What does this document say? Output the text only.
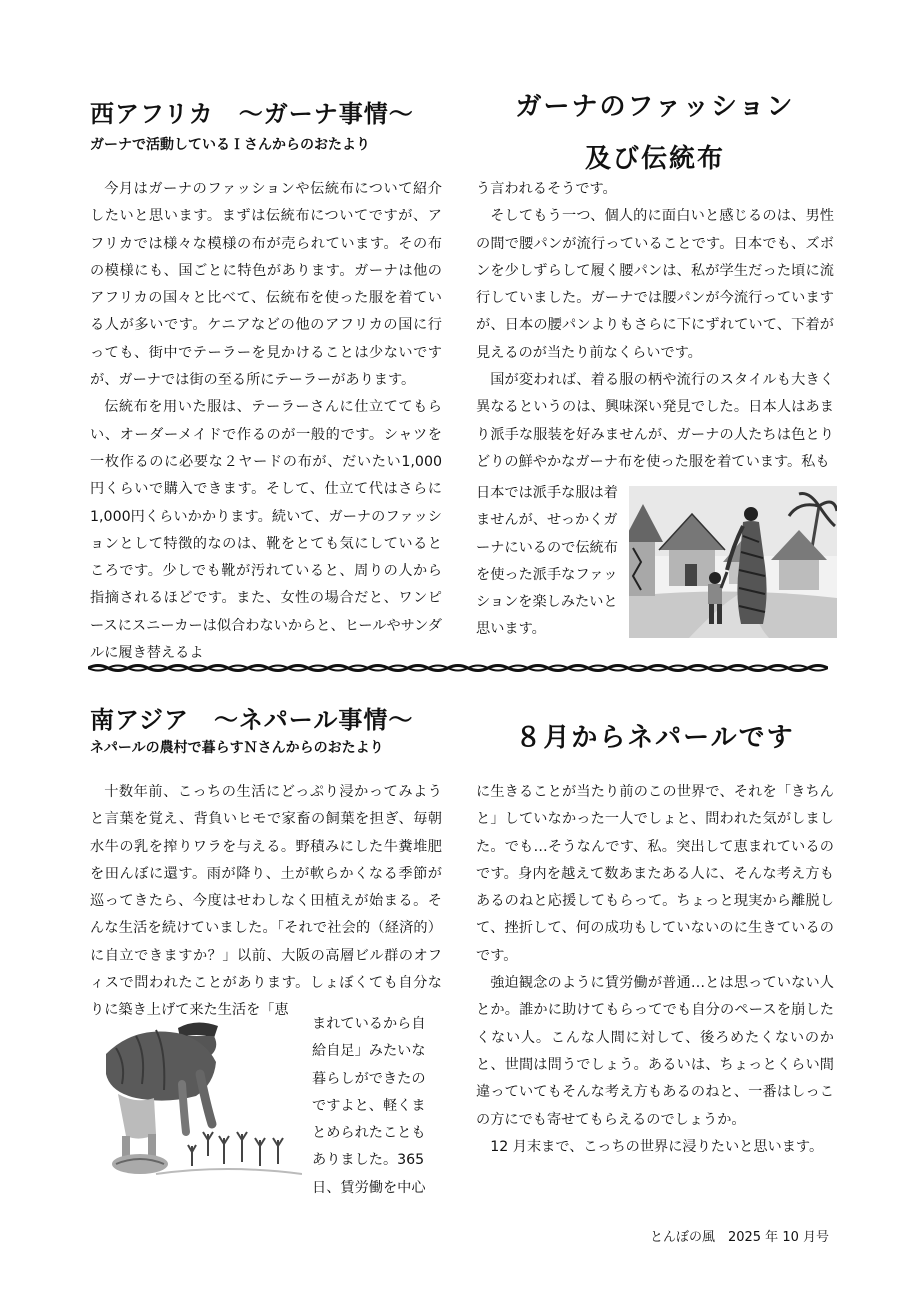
西アフリカ　～ガーナ事情～
ガーナで活動しているＩさんからのおたより
ガーナのファッション
及び伝統布

今月はガーナのファッションや伝統布について紹介したいと思います。まずは伝統布についてですが、アフリカでは様々な模様の布が売られています。その布の模様にも、国ごとに特色があります。ガーナは他のアフリカの国々と比べて、伝統布を使った服を着ている人が多いです。ケニアなどの他のアフリカの国に行っても、街中でテーラーを見かけることは少ないですが、ガーナでは街の至る所にテーラーがあります。

伝統布を用いた服は、テーラーさんに仕立ててもらい、オーダーメイドで作るのが一般的です。シャツを一枚作るのに必要な２ヤードの布が、だいたい1,000円くらいで購入できます。そして、仕立て代はさらに1,000円くらいかかります。続いて、ガーナのファッションとして特徴的なのは、靴をとても気にしているところです。少しでも靴が汚れていると、周りの人から指摘されるほどです。また、女性の場合だと、ワンピースにスニーカーは似合わないからと、ヒールやサンダルに履き替えるよ

う言われるそうです。

そしてもう一つ、個人的に面白いと感じるのは、男性の間で腰パンが流行っていることです。日本でも、ズボンを少しずらして履く腰パンは、私が学生だった頃に流行していました。ガーナでは腰パンが今流行っていますが、日本の腰パンよりもさらに下にずれていて、下着が見えるのが当たり前なくらいです。

国が変われば、着る服の柄や流行のスタイルも大きく異なるというのは、興味深い発見でした。日本人はあまり派手な服装を好みませんが、ガーナの人たちは色とりどりの鮮やかなガーナ布を使った服を着ています。私も

日本では派手な服は着
ませんが、せっかくガ
ーナにいるので伝統布
を使った派手なファッ
ションを楽しみたいと
思います。
南アジア　～ネパール事情～
ネパールの農村で暮らすＮさんからのおたより	８月からネパールです

十数年前、こっちの生活にどっぷり浸かってみようと言葉を覚え、背負いヒモで家畜の飼葉を担ぎ、毎朝水牛の乳を搾りワラを与える。野積みにした牛糞堆肥を田んぼに還す。雨が降り、土が軟らかくなる季節が巡ってきたら、今度はせわしなく田植えが始まる。そんな生活を続けていました。「それで社会的（経済的）に自立できますか？」以前、大阪の高層ビル群のオフィスで問われたことがあります。しょぼくても自分なりに築き上げて来た生活を「恵

まれているから自
給自足」みたいな
暮らしができたの
ですよと、軽くま
とめられたことも
ありました。365
日、賃労働を中心

に生きることが当たり前のこの世界で、それを「きちんと」していなかった一人でしょと、問われた気がしました。でも…そうなんです、私。突出して恵まれているのです。身内を越えて数あまたある人に、そんな考え方もあるのねと応援してもらって。ちょっと現実から離脱して、挫折して、何の成功もしていないのに生きているのです。

強迫観念のように賃労働が普通…とは思っていない人とか。誰かに助けてもらってでも自分のペースを崩したくない人。こんな人間に対して、後ろめたくないのかと、世間は問うでしょう。あるいは、ちょっとくらい間違っていてもそんな考え方もあるのねと、一番はしっこの方にでも寄せてもらえるのでしょうか。

12 月末まで、こっちの世界に浸りたいと思います。

とんぼの風　2025 年 10 月号
